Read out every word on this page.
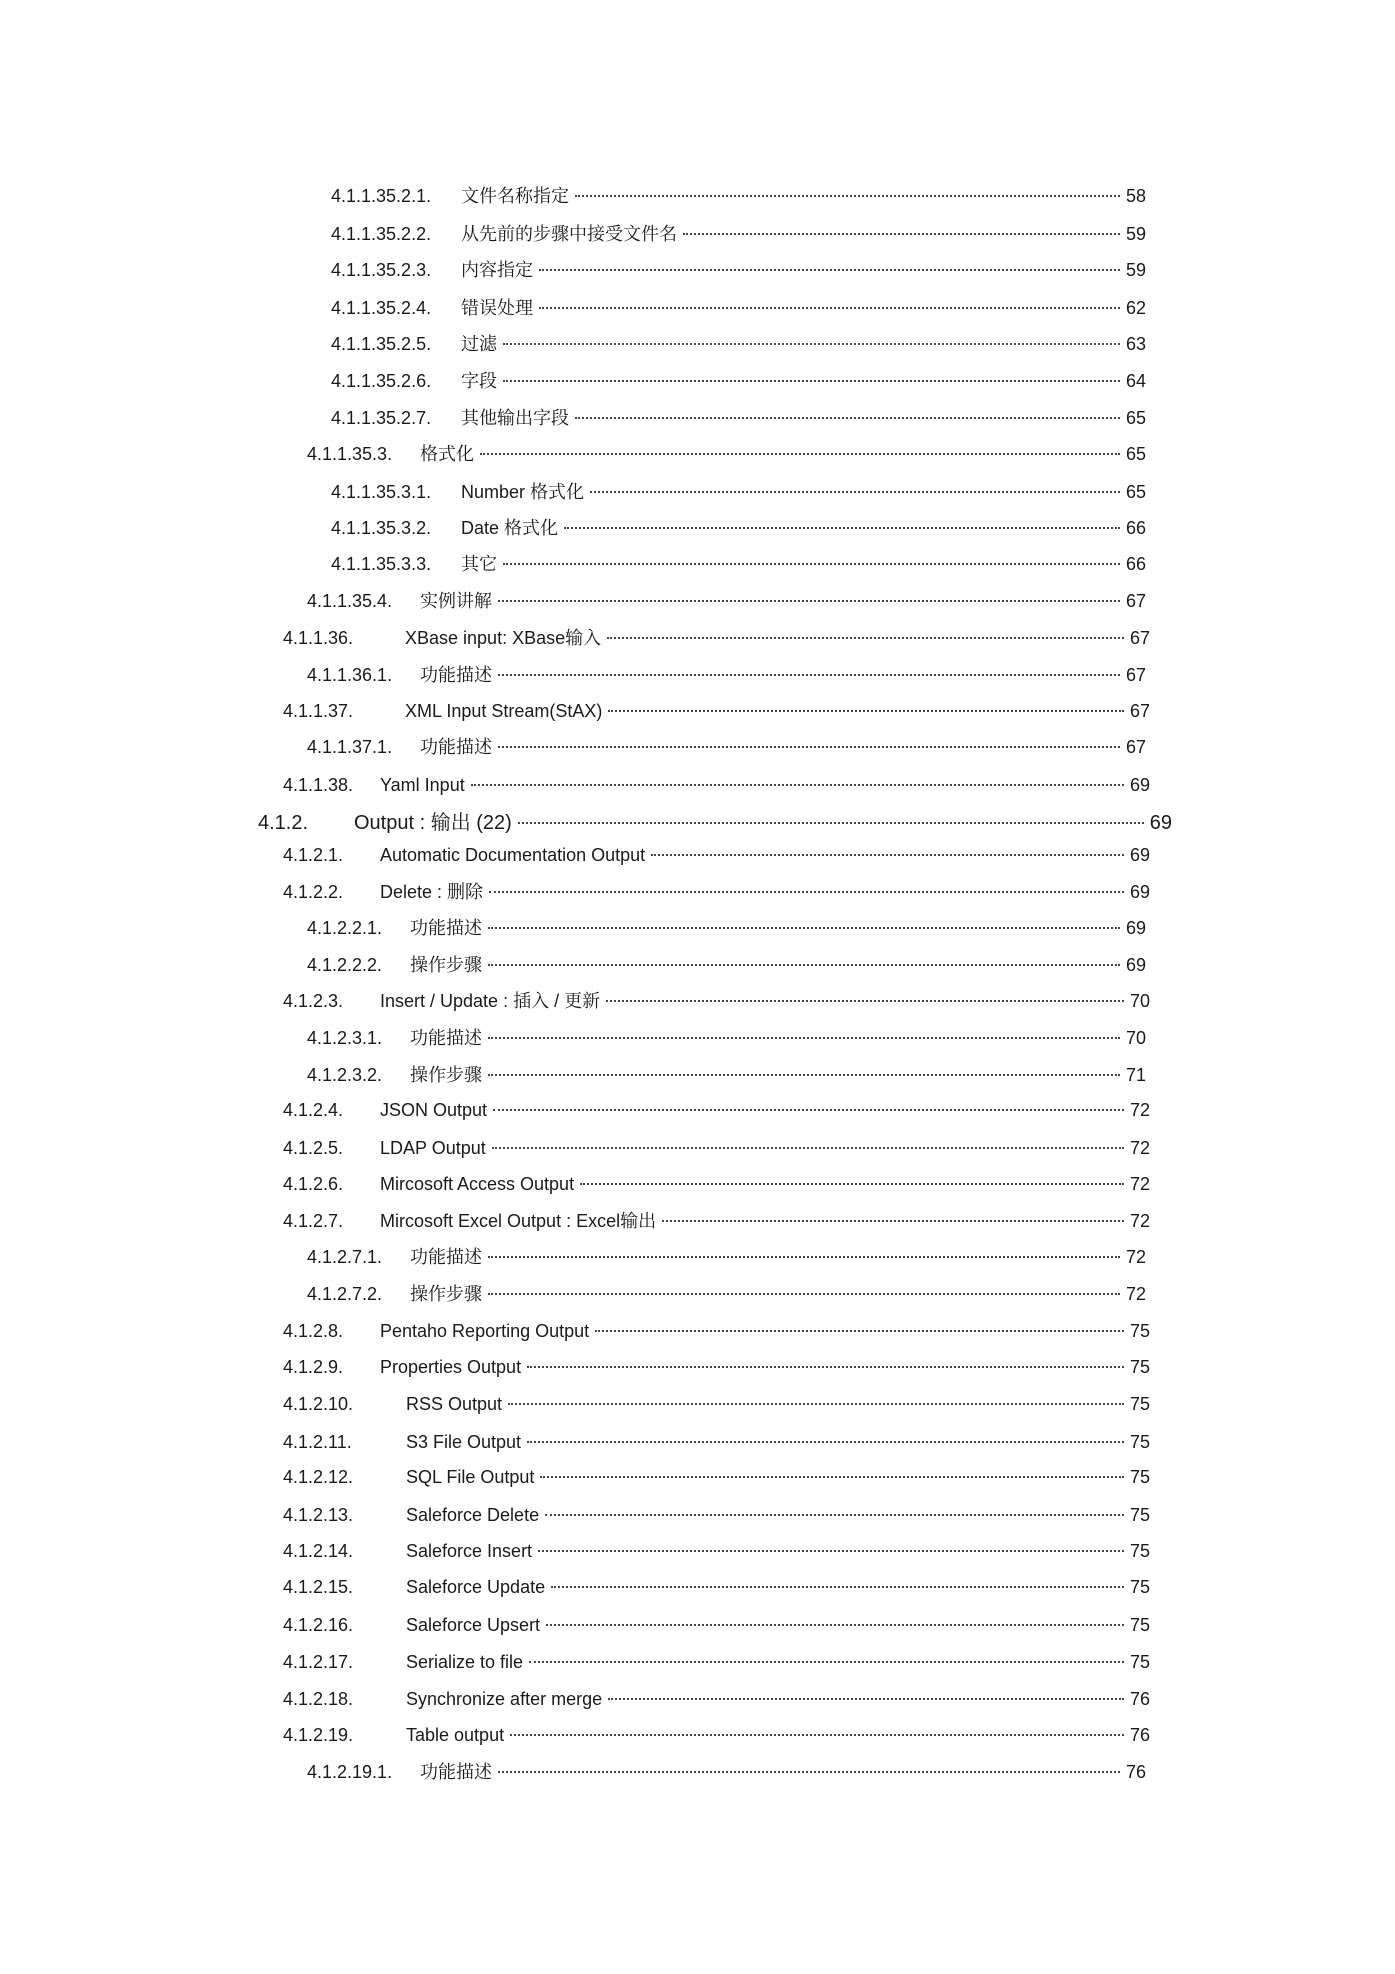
4.1.1.35.2.1.	文件名称指定	58
4.1.1.35.2.2.	从先前的步骤中接受文件名	59
4.1.1.35.2.3.	内容指定	59
4.1.1.35.2.4.	错误处理	62
4.1.1.35.2.5.	过滤	63
4.1.1.35.2.6.	字段	64
4.1.1.35.2.7.	其他输出字段	65
4.1.1.35.3.	格式化	65
4.1.1.35.3.1.	Number 格式化	65
4.1.1.35.3.2.	Date 格式化	66
4.1.1.35.3.3.	其它	66
4.1.1.35.4.	实例讲解	67
4.1.1.36.	XBase input: XBase输入	67
4.1.1.36.1.	功能描述	67
4.1.1.37.	XML Input Stream(StAX)	67
4.1.1.37.1.	功能描述	67
4.1.1.38.	Yaml Input	69
4.1.2.	Output : 输出 (22)	69
4.1.2.1.	Automatic Documentation Output	69
4.1.2.2.	Delete : 删除	69
4.1.2.2.1.	功能描述	69
4.1.2.2.2.	操作步骤	69
4.1.2.3.	Insert / Update : 插入 / 更新	70
4.1.2.3.1.	功能描述	70
4.1.2.3.2.	操作步骤	71
4.1.2.4.	JSON Output	72
4.1.2.5.	LDAP Output	72
4.1.2.6.	Mircosoft Access Output	72
4.1.2.7.	Mircosoft Excel Output : Excel输出	72
4.1.2.7.1.	功能描述	72
4.1.2.7.2.	操作步骤	72
4.1.2.8.	Pentaho Reporting Output	75
4.1.2.9.	Properties Output	75
4.1.2.10.	RSS Output	75
4.1.2.11.	S3 File Output	75
4.1.2.12.	SQL File Output	75
4.1.2.13.	Saleforce Delete	75
4.1.2.14.	Saleforce Insert	75
4.1.2.15.	Saleforce Update	75
4.1.2.16.	Saleforce Upsert	75
4.1.2.17.	Serialize to file	75
4.1.2.18.	Synchronize after merge	76
4.1.2.19.	Table output	76
4.1.2.19.1.	功能描述	76
